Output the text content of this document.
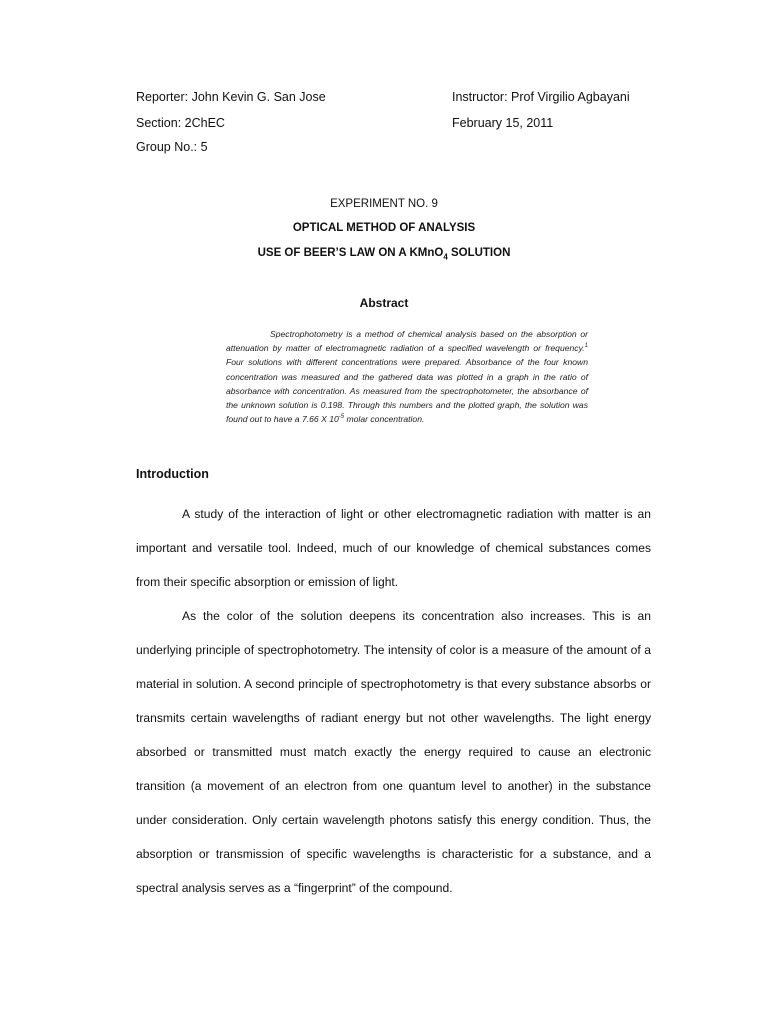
Reporter: John Kevin G. San Jose	Instructor: Prof Virgilio Agbayani
Section: 2ChEC	February 15, 2011
Group No.: 5
EXPERIMENT NO. 9
OPTICAL METHOD OF ANALYSIS
USE OF BEER’S LAW ON A KMnO$_4$ SOLUTION
Abstract
Spectrophotometry is a method of chemical analysis based on the absorption or attenuation by matter of electromagnetic radiation of a specified wavelength or frequency.$^1$ Four solutions with different concentrations were prepared. Absorbance of the four known concentration was measured and the gathered data was plotted in a graph in the ratio of absorbance with concentration. As measured from the spectrophotometer, the absorbance of the unknown solution is 0.198. Through this numbers and the plotted graph, the solution was found out to have a 7.66 X $10^{-5}$ molar concentration.
Introduction

A study of the interaction of light or other electromagnetic radiation with matter is an important and versatile tool. Indeed, much of our knowledge of chemical substances comes from their specific absorption or emission of light.

As the color of the solution deepens its concentration also increases. This is an underlying principle of spectrophotometry. The intensity of color is a measure of the amount of a material in solution. A second principle of spectrophotometry is that every substance absorbs or transmits certain wavelengths of radiant energy but not other wavelengths. The light energy absorbed or transmitted must match exactly the energy required to cause an electronic transition (a movement of an electron from one quantum level to another) in the substance under consideration. Only certain wavelength photons satisfy this energy condition. Thus, the absorption or transmission of specific wavelengths is characteristic for a substance, and a spectral analysis serves as a “fingerprint” of the compound.
